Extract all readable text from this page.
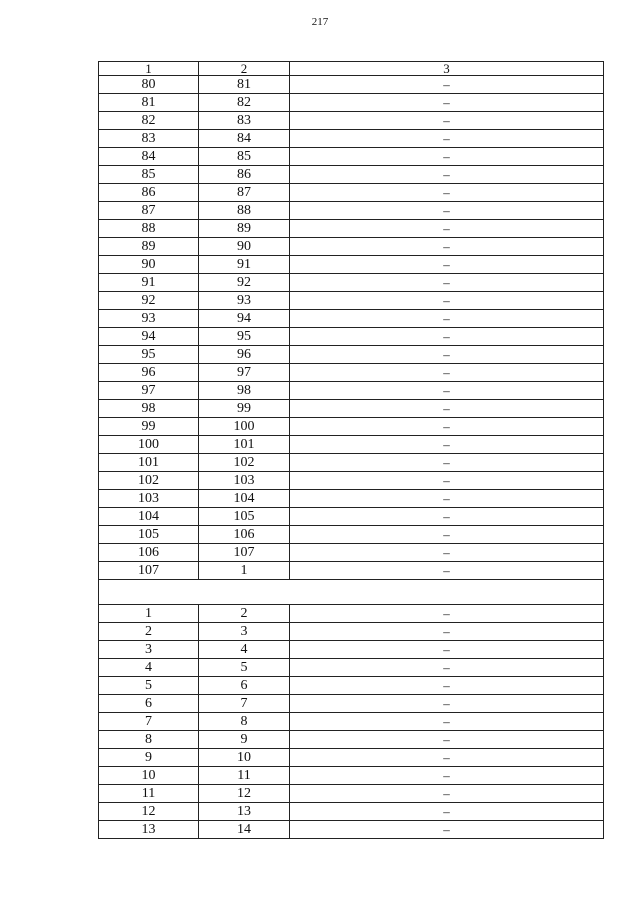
217
1	2	3
80	81	–
81	82	–
82	83	–
83	84	–
84	85	–
85	86	–
86	87	–
87	88	–
88	89	–
89	90	–
90	91	–
91	92	–
92	93	–
93	94	–
94	95	–
95	96	–
96	97	–
97	98	–
98	99	–
99	100	–
100	101	–
101	102	–
102	103	–
103	104	–
104	105	–
105	106	–
106	107	–
107	1	–

1	2	–
2	3	–
3	4	–
4	5	–
5	6	–
6	7	–
7	8	–
8	9	–
9	10	–
10	11	–
11	12	–
12	13	–
13	14	–
